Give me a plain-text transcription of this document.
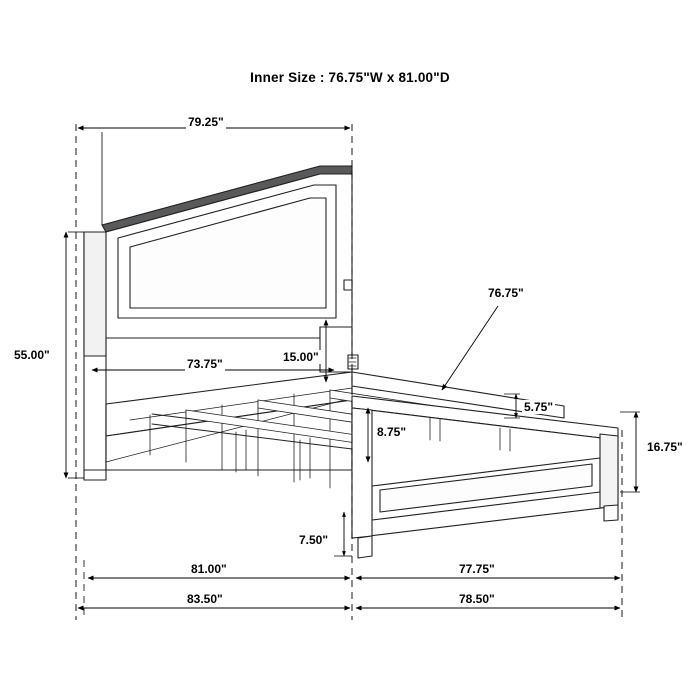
Inner Size : 76.75"W x 81.00"D
79.25"
55.00"
73.75"	15.00"
76.75"
5.75"
8.75"
7.50"
16.75"
81.00"	77.75"
83.50"	78.50"
